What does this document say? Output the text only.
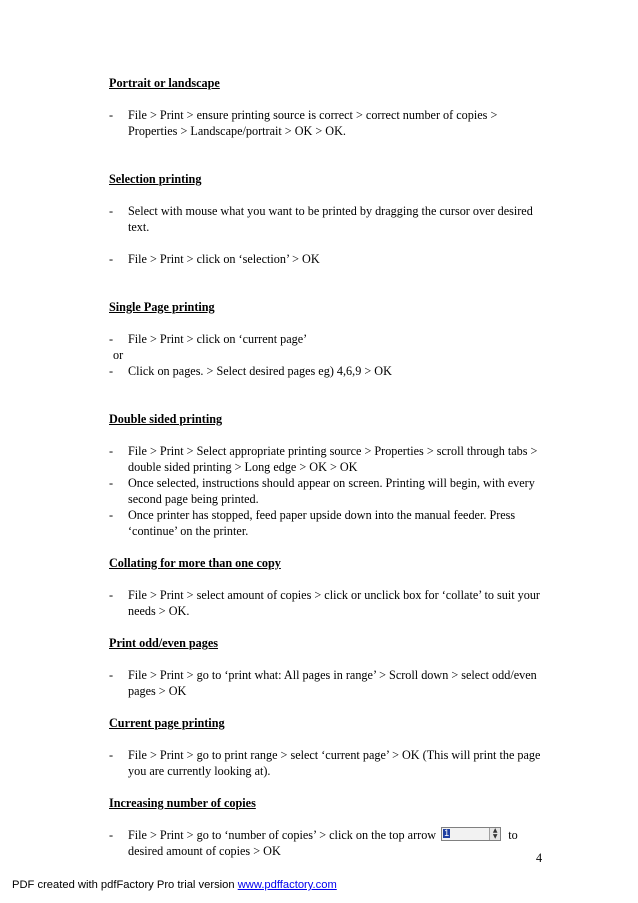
Portrait or landscape

- File > Print > ensure printing source is correct > correct number of copies > Properties > Landscape/portrait > OK > OK.

Selection printing

- Select with mouse what you want to be printed by dragging the cursor over desired text.

- File > Print > click on ‘selection’ > OK

Single Page printing

- File > Print > click on ‘current page’

or

- Click on pages. > Select desired pages eg) 4,6,9 > OK

Double sided printing

- File > Print > Select appropriate printing source > Properties > scroll through tabs > double sided printing > Long edge > OK > OK

- Once selected, instructions should appear on screen. Printing will begin, with every second page being printed.

- Once printer has stopped, feed paper upside down into the manual feeder. Press ‘continue’ on the printer.

Collating for more than one copy

- File > Print > select amount of copies > click or unclick box for ‘collate’ to suit your needs > OK.

Print odd/even pages

- File > Print > go to ‘print what: All pages in range’ > Scroll down > select odd/even pages > OK

Current page printing

- File > Print > go to print range > select ‘current page’ > OK (This will print the page you are currently looking at).

Increasing number of copies

- File > Print > go to ‘number of copies’ > click on the top arrow 1	▲
▼ to desired amount of copies > OK	4
PDF created with pdfFactory Pro trial version www.pdffactory.com
